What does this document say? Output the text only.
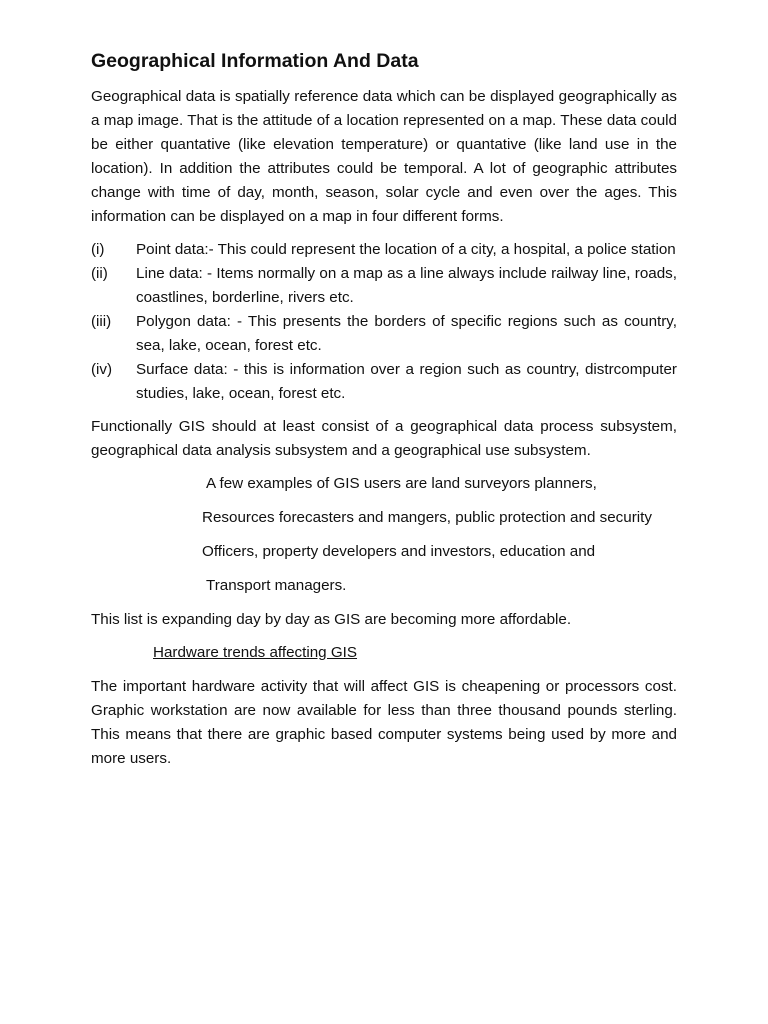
Geographical Information And Data

Geographical data is spatially reference data which can be displayed geographically as a map image. That is the attitude of a location represented on a map. These data could be either quantative (like elevation temperature) or quantative (like land use in the location). In addition the attributes could be temporal. A lot of geographic attributes change with time of day, month, season, solar cycle and even over the ages. This information can be displayed on a map in four different forms.

(i)	Point data:- This could represent the location of a city, a hospital, a police station
(ii)	Line data: - Items normally on a map as a line always include railway line, roads, coastlines, borderline, rivers etc.
(iii)	Polygon data: - This presents the borders of specific regions such as country, sea, lake, ocean, forest etc.
(iv)	Surface data: - this is information over a region such as country, distrcomputer studies, lake, ocean, forest etc.

Functionally GIS should at least consist of a geographical data process subsystem, geographical data analysis subsystem and a geographical use subsystem.

A few examples of GIS users are land surveyors planners,

Resources forecasters and mangers, public protection and security

Officers, property developers and investors, education and

Transport managers.

This list is expanding day by day as GIS are becoming more affordable.

Hardware trends affecting GIS

The important hardware activity that will affect GIS is cheapening or processors cost. Graphic workstation are now available for less than three thousand pounds sterling. This means that there are graphic based computer systems being used by more and more users.
